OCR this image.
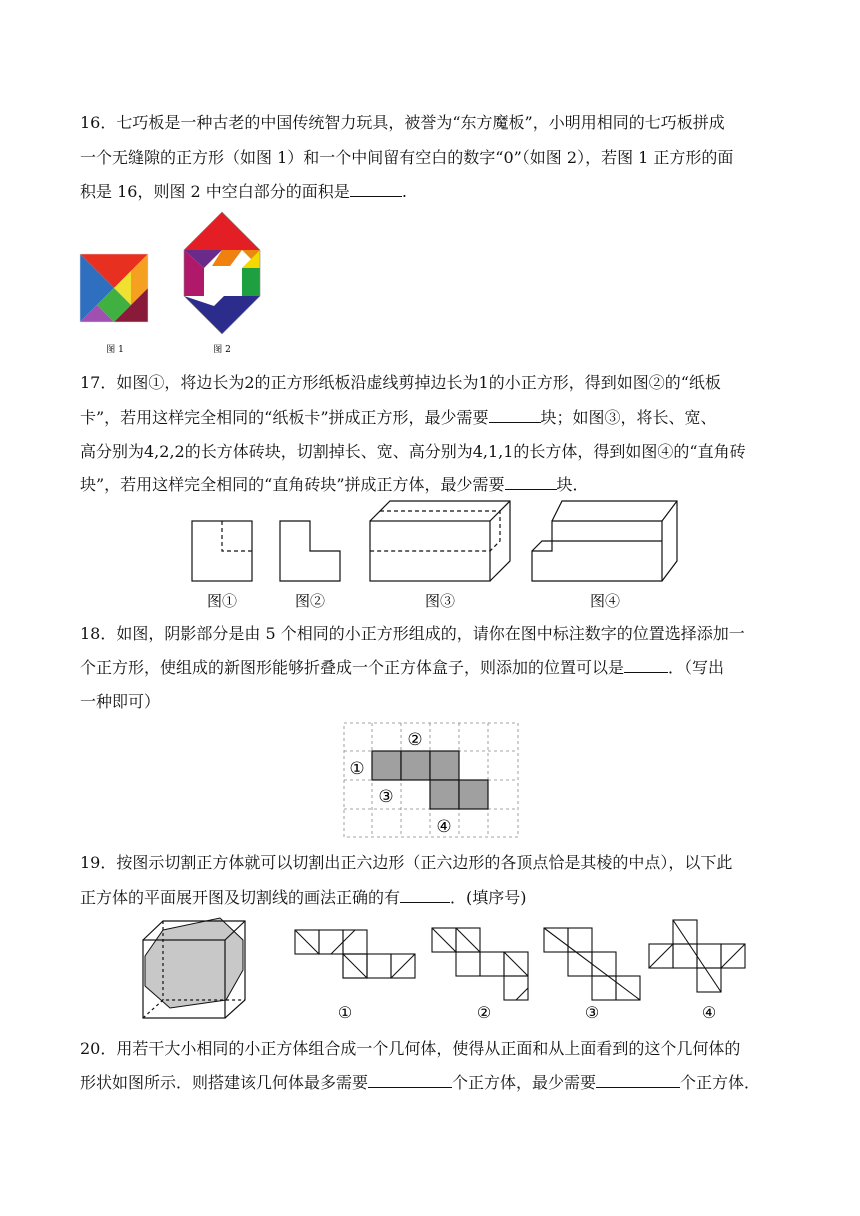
16．七巧板是一种古老的中国传统智力玩具，被誉为“东方魔板”，小明用相同的七巧板拼成
一个无缝隙的正方形（如图 1）和一个中间留有空白的数字“0”（如图 2），若图 1 正方形的面
积是 16，则图 2 中空白部分的面积是	.
图 1	图 2
17．如图①，将边长为2的正方形纸板沿虚线剪掉边长为1的小正方形，得到如图②的“纸板
卡”，若用这样完全相同的“纸板卡”拼成正方形，最少需要	块；如图③，将长、宽、
高分别为4,2,2的长方体砖块，切割掉长、宽、高分别为4,1,1的长方体，得到如图④的“直角砖
块”，若用这样完全相同的“直角砖块”拼成正方体，最少需要	块．
图①	图②	图③	图④
18．如图，阴影部分是由 5 个相同的小正方形组成的，请你在图中标注数字的位置选择添加一
个正方形，使组成的新图形能够折叠成一个正方体盒子，则添加的位置可以是	．（写出
一种即可）
①
②
③
④
19．按图示切割正方体就可以切割出正六边形（正六边形的各顶点恰是其棱的中点），以下此
正方体的平面展开图及切割线的画法正确的有	．(填序号)
①	②	③	④
20．用若干大小相同的小正方体组合成一个几何体，使得从正面和从上面看到的这个几何体的
形状如图所示．则搭建该几何体最多需要	个正方体，最少需要	个正方体．
